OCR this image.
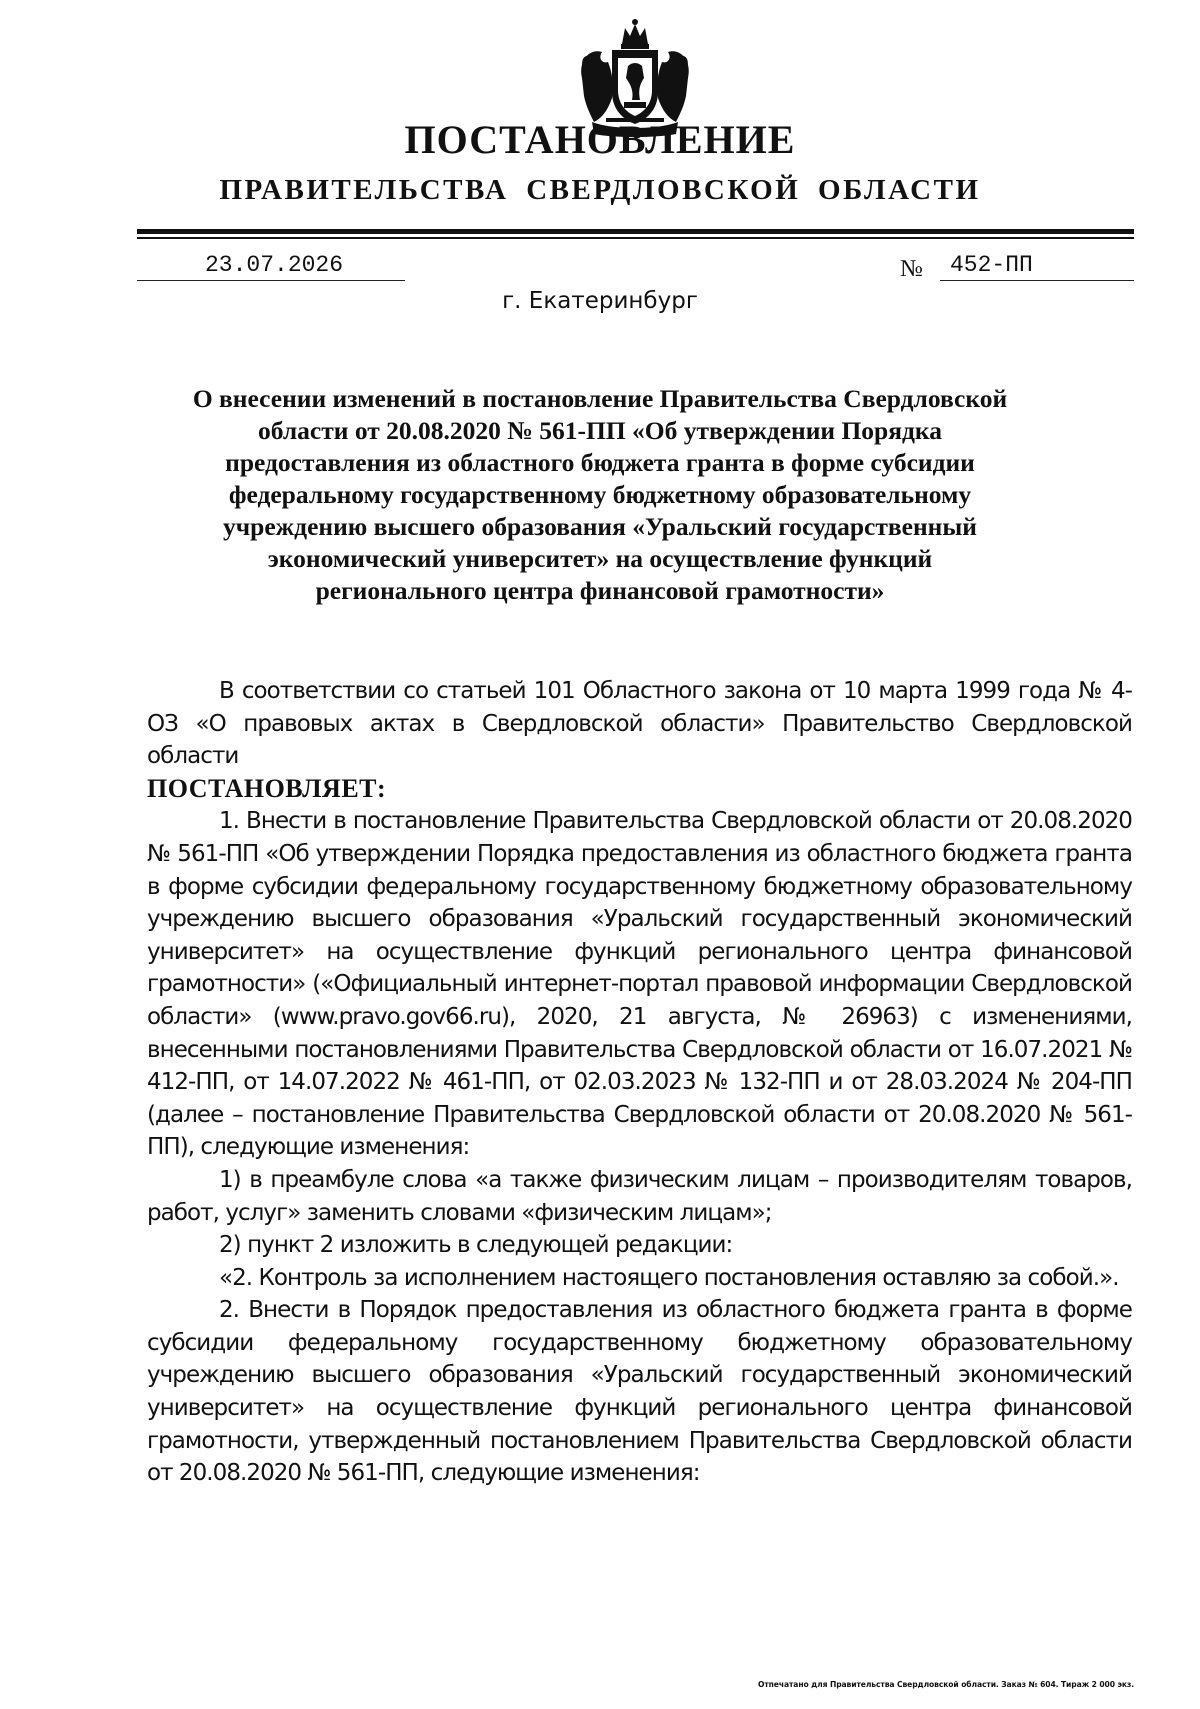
ПОСТАНОВЛЕНИЕ
ПРАВИТЕЛЬСТВА СВЕРДЛОВСКОЙ ОБЛАСТИ
23.07.2026	№ 452-ПП
г. Екатеринбург
О внесении изменений в постановление Правительства Свердловской области от 20.08.2020 № 561-ПП «Об утверждении Порядка предоставления из областного бюджета гранта в форме субсидии федеральному государственному бюджетному образовательному учреждению высшего образования «Уральский государственный экономический университет» на осуществление функций регионального центра финансовой грамотности»

В соответствии со статьей 101 Областного закона от 10 марта 1999 года № 4-ОЗ «О правовых актах в Свердловской области» Правительство Свердловской области

ПОСТАНОВЛЯЕТ:

1. Внести в постановление Правительства Свердловской области от 20.08.2020 № 561-ПП «Об утверждении Порядка предоставления из областного бюджета гранта в форме субсидии федеральному государственному бюджетному образовательному учреждению высшего образования «Уральский государственный экономический университет» на осуществление функций регионального центра финансовой грамотности» («Официальный интернет-портал правовой информации Свердловской области» (www.pravo.gov66.ru), 2020, 21 августа, № 26963) с изменениями, внесенными постановлениями Правительства Свердловской области от 16.07.2021 № 412-ПП, от 14.07.2022 № 461-ПП, от 02.03.2023 № 132-ПП и от 28.03.2024 № 204-ПП (далее – постановление Правительства Свердловской области от 20.08.2020 № 561-ПП), следующие изменения:

1) в преамбуле слова «а также физическим лицам – производителям товаров, работ, услуг» заменить словами «физическим лицам»;

2) пункт 2 изложить в следующей редакции:

«2. Контроль за исполнением настоящего постановления оставляю за собой.».

2. Внести в Порядок предоставления из областного бюджета гранта в форме субсидии федеральному государственному бюджетному образовательному учреждению высшего образования «Уральский государственный экономический университет» на осуществление функций регионального центра финансовой грамотности, утвержденный постановлением Правительства Свердловской области от 20.08.2020 № 561-ПП, следующие изменения:

Отпечатано для Правительства Свердловской области. Заказ № 604. Тираж 2 000 экз.
